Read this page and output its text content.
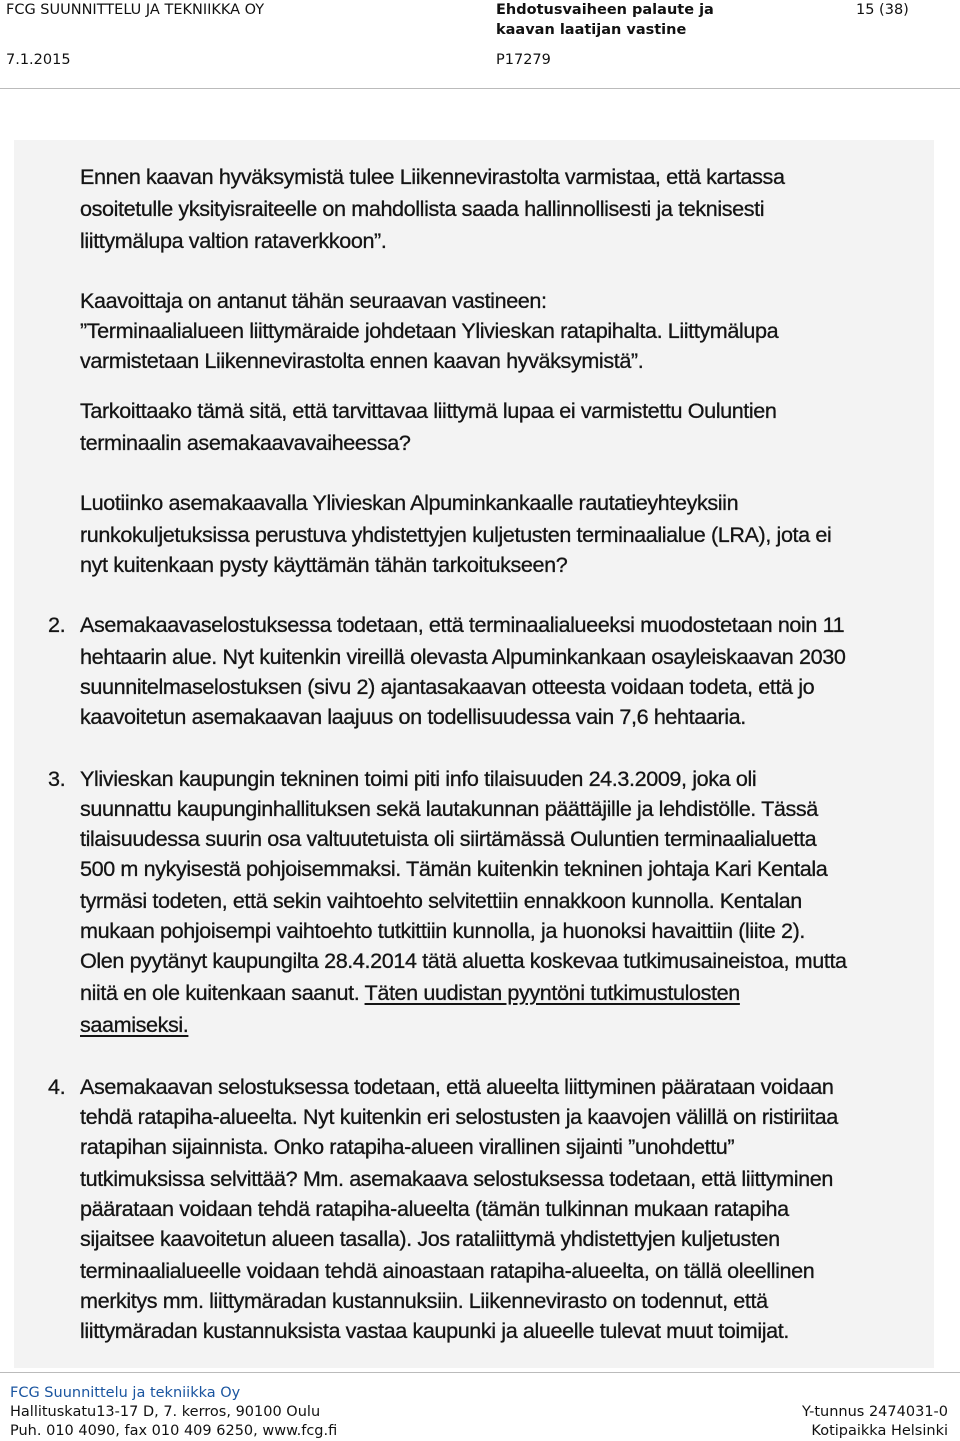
FCG SUUNNITTELU JA TEKNIIKKA OY	Ehdotusvaiheen palaute ja
kaavan laatijan vastine
15 (38)
7.1.2015	P17279
Ennen kaavan hyväksymistä tulee Liikennevirastolta varmistaa, että kartassa
osoitetulle yksityisraiteelle on mahdollista saada hallinnollisesti ja teknisesti
liittymälupa valtion rataverkkoon”.
Kaavoittaja on antanut tähän seuraavan vastineen:
”Terminaalialueen liittymäraide johdetaan Ylivieskan ratapihalta. Liittymälupa
varmistetaan Liikennevirastolta ennen kaavan hyväksymistä”.
Tarkoittaako tämä sitä, että tarvittavaa liittymä lupaa ei varmistettu Ouluntien
terminaalin asemakaavavaiheessa?
Luotiinko asemakaavalla Ylivieskan Alpuminkankaalle rautatieyhteyksiin
runkokuljetuksissa perustuva yhdistettyjen kuljetusten terminaalialue (LRA), jota ei
nyt kuitenkaan pysty käyttämän tähän tarkoitukseen?
2. Asemakaavaselostuksessa todetaan, että terminaalialueeksi muodostetaan noin 11
hehtaarin alue. Nyt kuitenkin vireillä olevasta Alpuminkankaan osayleiskaavan 2030
suunnitelmaselostuksen (sivu 2) ajantasakaavan otteesta voidaan todeta, että jo
kaavoitetun asemakaavan laajuus on todellisuudessa vain 7,6 hehtaaria.
3. Ylivieskan kaupungin tekninen toimi piti info tilaisuuden 24.3.2009, joka oli
suunnattu kaupunginhallituksen sekä lautakunnan päättäjille ja lehdistölle. Tässä
tilaisuudessa suurin osa valtuutetuista oli siirtämässä Ouluntien terminaalialuetta
500 m nykyisestä pohjoisemmaksi. Tämän kuitenkin tekninen johtaja Kari Kentala
tyrmäsi todeten, että sekin vaihtoehto selvitettiin ennakkoon kunnolla. Kentalan
mukaan pohjoisempi vaihtoehto tutkittiin kunnolla, ja huonoksi havaittiin (liite 2).
Olen pyytänyt kaupungilta 28.4.2014 tätä aluetta koskevaa tutkimusaineistoa, mutta
niitä en ole kuitenkaan saanut. Täten uudistan pyyntöni tutkimustulosten
saamiseksi.
4. Asemakaavan selostuksessa todetaan, että alueelta liittyminen päärataan voidaan
tehdä ratapiha-alueelta. Nyt kuitenkin eri selostusten ja kaavojen välillä on ristiriitaa
ratapihan sijainnista. Onko ratapiha-alueen virallinen sijainti ”unohdettu”
tutkimuksissa selvittää? Mm. asemakaava selostuksessa todetaan, että liittyminen
päärataan voidaan tehdä ratapiha-alueelta (tämän tulkinnan mukaan ratapiha
sijaitsee kaavoitetun alueen tasalla). Jos rataliittymä yhdistettyjen kuljetusten
terminaalialueelle voidaan tehdä ainoastaan ratapiha-alueelta, on tällä oleellinen
merkitys mm. liittymäradan kustannuksiin. Liikennevirasto on todennut, että
liittymäradan kustannuksista vastaa kaupunki ja alueelle tulevat muut toimijat.
FCG Suunnittelu ja tekniikka Oy
Hallituskatu13-17 D, 7. kerros, 90100 Oulu
Puh. 010 4090, fax 010 409 6250, www.fcg.fi
Y-tunnus 2474031-0
Kotipaikka Helsinki
